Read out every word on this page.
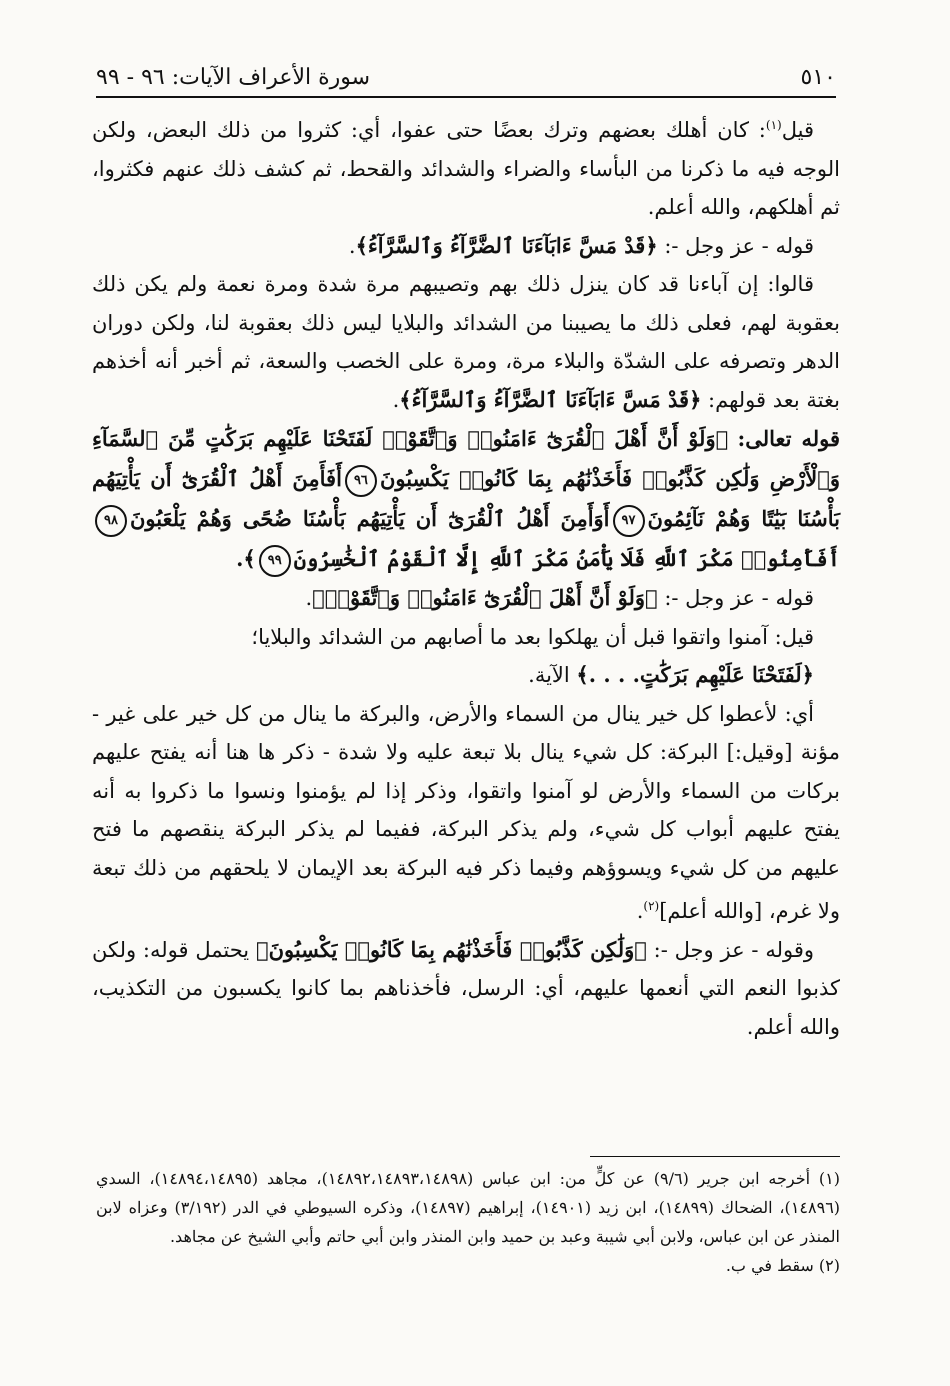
٥١٠
سورة الأعراف الآيات: ٩٦ - ٩٩

قيل$^{(١)}$: كان أهلك بعضهم وترك بعضًا حتى عفوا، أي: كثروا من ذلك البعض، ولكن الوجه فيه ما ذكرنا من البأساء والضراء والشدائد والقحط، ثم كشف ذلك عنهم فكثروا، ثم أهلكهم، والله أعلم.

قوله - عز وجل -: ﴿قَدْ مَسَّ ءَابَآءَنَا ٱلضَّرَّآءُ وَٱلسَّرَّآءُ﴾.

قالوا: إن آباءنا قد كان ينزل ذلك بهم وتصيبهم مرة شدة ومرة نعمة ولم يكن ذلك بعقوبة لهم، فعلى ذلك ما يصيبنا من الشدائد والبلايا ليس ذلك بعقوبة لنا، ولكن دوران الدهر وتصرفه على الشدّة والبلاء مرة، ومرة على الخصب والسعة، ثم أخبر أنه أخذهم بغتة بعد قولهم: ﴿قَدْ مَسَّ ءَابَآءَنَا ٱلضَّرَّآءُ وَٱلسَّرَّآءُ﴾.

قوله تعالى: ﴿وَلَوْ أَنَّ أَهْلَ ٱلْقُرَىٰٓ ءَامَنُوا۟ وَٱتَّقَوْا۟ لَفَتَحْنَا عَلَيْهِم بَرَكَٰتٍ مِّنَ ٱلسَّمَآءِ وَٱلْأَرْضِ وَلَٰكِن كَذَّبُوا۟ فَأَخَذْنَٰهُم بِمَا كَانُوا۟ يَكْسِبُونَ٩٦أَفَأَمِنَ أَهْلُ ٱلْقُرَىٰٓ أَن يَأْتِيَهُم بَأْسُنَا بَيَٰتًا وَهُمْ نَآئِمُونَ٩٧أَوَأَمِنَ أَهْلُ ٱلْقُرَىٰٓ أَن يَأْتِيَهُم بَأْسُنَا ضُحًى وَهُمْ يَلْعَبُونَ٩٨أَفَأَمِنُوا۟ مَكْرَ ٱللَّهِ فَلَا يَأْمَنُ مَكْرَ ٱللَّهِ إِلَّا ٱلْقَوْمُ ٱلْخَٰسِرُونَ٩٩﴾.

قوله - عز وجل -: ﴿وَلَوْ أَنَّ أَهْلَ ٱلْقُرَىٰٓ ءَامَنُوا۟ وَٱتَّقَوْا۟﴾.

قيل: آمنوا واتقوا قبل أن يهلكوا بعد ما أصابهم من الشدائد والبلايا؛

﴿لَفَتَحْنَا عَلَيْهِم بَرَكَٰتٍ. . . .﴾ الآية.

أي: لأعطوا كل خير ينال من السماء والأرض، والبركة ما ينال من كل خير على غير - مؤنة [وقيل:] البركة: كل شيء ينال بلا تبعة عليه ولا شدة - ذكر ها هنا أنه يفتح عليهم بركات من السماء والأرض لو آمنوا واتقوا، وذكر إذا لم يؤمنوا ونسوا ما ذكروا به أنه يفتح عليهم أبواب كل شيء، ولم يذكر البركة، ففيما لم يذكر البركة ينقصهم ما فتح عليهم من كل شيء ويسوؤهم وفيما ذكر فيه البركة بعد الإيمان لا يلحقهم من ذلك تبعة ولا غرم، [والله أعلم]$^{(٢)}$.

وقوله - عز وجل -: ﴿وَلَٰكِن كَذَّبُوا۟ فَأَخَذْنَٰهُم بِمَا كَانُوا۟ يَكْسِبُونَ﴾ يحتمل قوله: ولكن كذبوا النعم التي أنعمها عليهم، أي: الرسل، فأخذناهم بما كانوا يكسبون من التكذيب، والله أعلم.

(١) أخرجه ابن جرير (٩/٦) عن كلٍّ من: ابن عباس (١٤٨٩٢،١٤٨٩٣،١٤٨٩٨)، مجاهد (١٤٨٩٤،١٤٨٩٥)، السدي (١٤٨٩٦)، الضحاك (١٤٨٩٩)، ابن زيد (١٤٩٠١)، إبراهيم (١٤٨٩٧)، وذكره السيوطي في الدر (٣/١٩٢) وعزاه لابن المنذر عن ابن عباس، ولابن أبي شيبة وعبد بن حميد وابن المنذر وابن أبي حاتم وأبي الشيخ عن مجاهد.

(٢) سقط في ب.
